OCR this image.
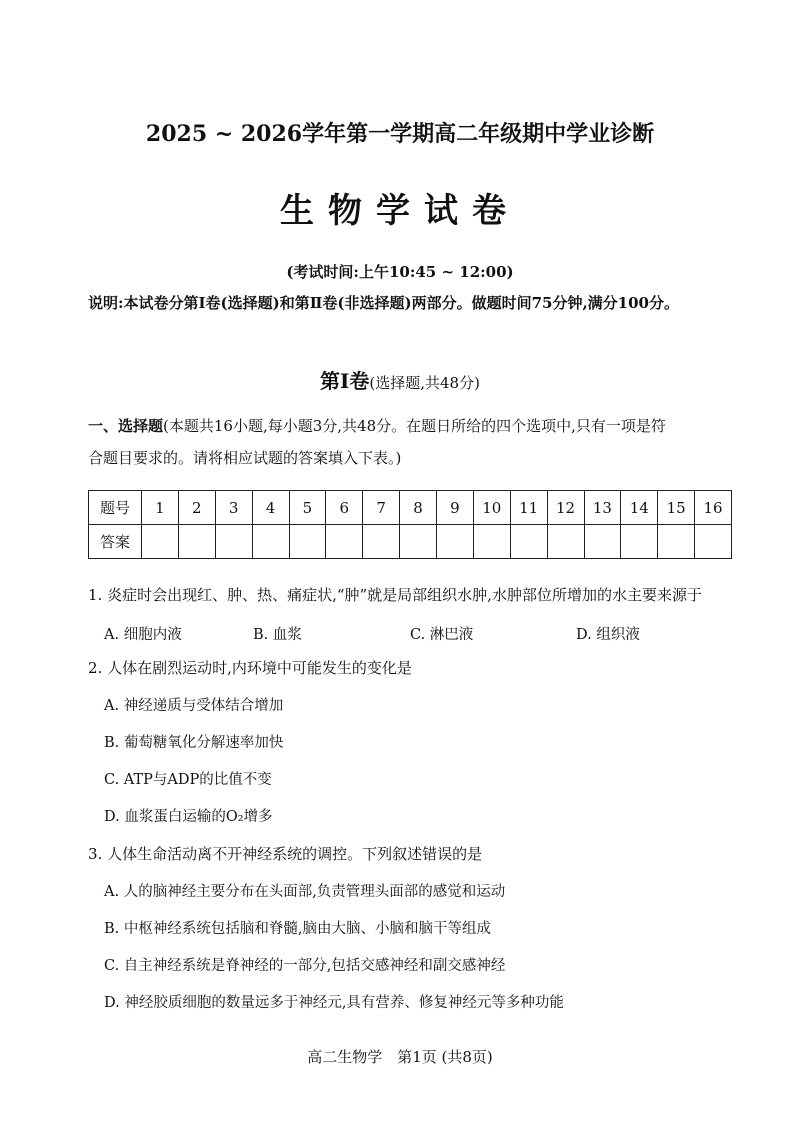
2025 ~ 2026学年第一学期高二年级期中学业诊断
生物学试卷
(考试时间:上午10:45 ~ 12:00)
说明:本试卷分第Ⅰ卷(选择题)和第Ⅱ卷(非选择题)两部分。做题时间75分钟,满分100分。
第Ⅰ卷(选择题,共48分)
一、选择题(本题共16小题,每小题3分,共48分。在题日所给的四个选项中,只有一项是符
合题目要求的。请将相应试题的答案填入下表。)
题号	1	2	3	4	5	6	7	8	9	10	11	12	13	14	15	16
答案																
1. 炎症时会出现红、肿、热、痛症状,“肿”就是局部组织水肿,水肿部位所增加的水主要来源于
A. 细胞内液	B. 血浆	C. 淋巴液	D. 组织液
2. 人体在剧烈运动时,内环境中可能发生的变化是
A. 神经递质与受体结合增加
B. 葡萄糖氧化分解速率加快
C. ATP与ADP的比值不变
D. 血浆蛋白运输的O₂增多
3. 人体生命活动离不开神经系统的调控。下列叙述错误的是
A. 人的脑神经主要分布在头面部,负责管理头面部的感觉和运动
B. 中枢神经系统包括脑和脊髓,脑由大脑、小脑和脑干等组成
C. 自主神经系统是脊神经的一部分,包括交感神经和副交感神经
D. 神经胶质细胞的数量远多于神经元,具有营养、修复神经元等多种功能
高二生物学　第1页 (共8页)
